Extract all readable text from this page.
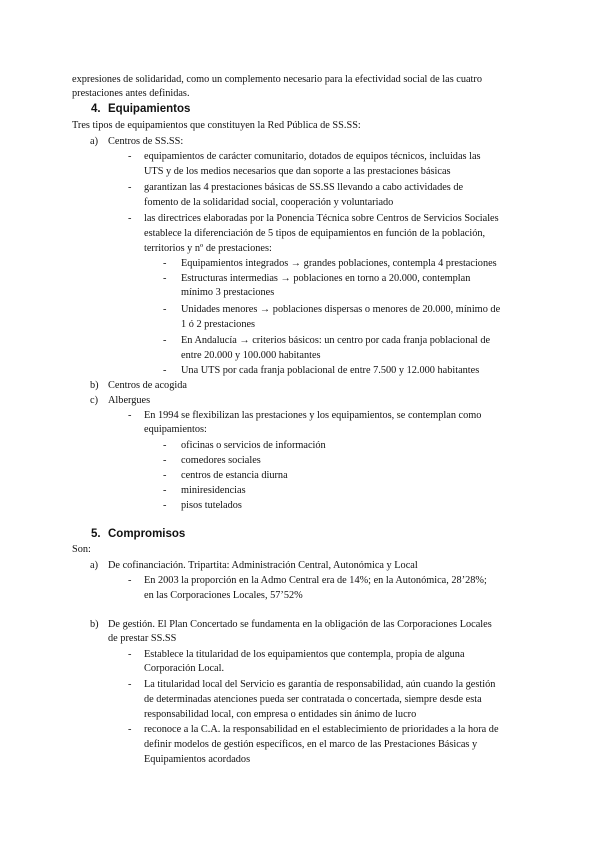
expresiones de solidaridad, como un complemento necesario para la efectividad social de las cuatro
prestaciones antes definidas.
4. Equipamientos
Tres tipos de equipamientos que constituyen la Red Pública de SS.SS:
a) Centros de SS.SS:
- equipamientos de carácter comunitario, dotados de equipos técnicos, incluidas las
UTS y de los medios necesarios que dan soporte a las prestaciones básicas
- garantizan las 4 prestaciones básicas de SS.SS llevando a cabo actividades de
fomento de la solidaridad social, cooperación y voluntariado
- las directrices elaboradas por la Ponencia Técnica sobre Centros de Servicios Sociales
establece la diferenciación de 5 tipos de equipamientos en función de la población,
territorios y nº de prestaciones:
- Equipamientos integrados → grandes poblaciones, contempla 4 prestaciones
- Estructuras intermedias → poblaciones en torno a 20.000, contemplan
mínimo 3 prestaciones
- Unidades menores → poblaciones dispersas o menores de 20.000, mínimo de
1 ó 2 prestaciones
- En Andalucía → criterios básicos: un centro por cada franja poblacional de
entre 20.000 y 100.000 habitantes
- Una UTS por cada franja poblacional de entre 7.500 y 12.000 habitantes
b) Centros de acogida
c) Albergues
- En 1994 se flexibilizan las prestaciones y los equipamientos, se contemplan como
equipamientos:
- oficinas o servicios de información
- comedores sociales
- centros de estancia diurna
- miniresidencias
- pisos tutelados
5. Compromisos
Son:
a) De cofinanciación. Tripartita: Administración Central, Autonómica y Local
- En 2003 la proporción en la Admo Central era de 14%; en la Autonómica, 28’28%;
en las Corporaciones Locales, 57’52%
b) De gestión. El Plan Concertado se fundamenta en la obligación de las Corporaciones Locales
de prestar SS.SS
- Establece la titularidad de los equipamientos que contempla, propia de alguna
Corporación Local.
- La titularidad local del Servicio es garantía de responsabilidad, aún cuando la gestión
de determinadas atenciones pueda ser contratada o concertada, siempre desde esta
responsabilidad local, con empresa o entidades sin ánimo de lucro
- reconoce a la C.A. la responsabilidad en el establecimiento de prioridades a la hora de
definir modelos de gestión específicos, en el marco de las Prestaciones Básicas y
Equipamientos acordados
